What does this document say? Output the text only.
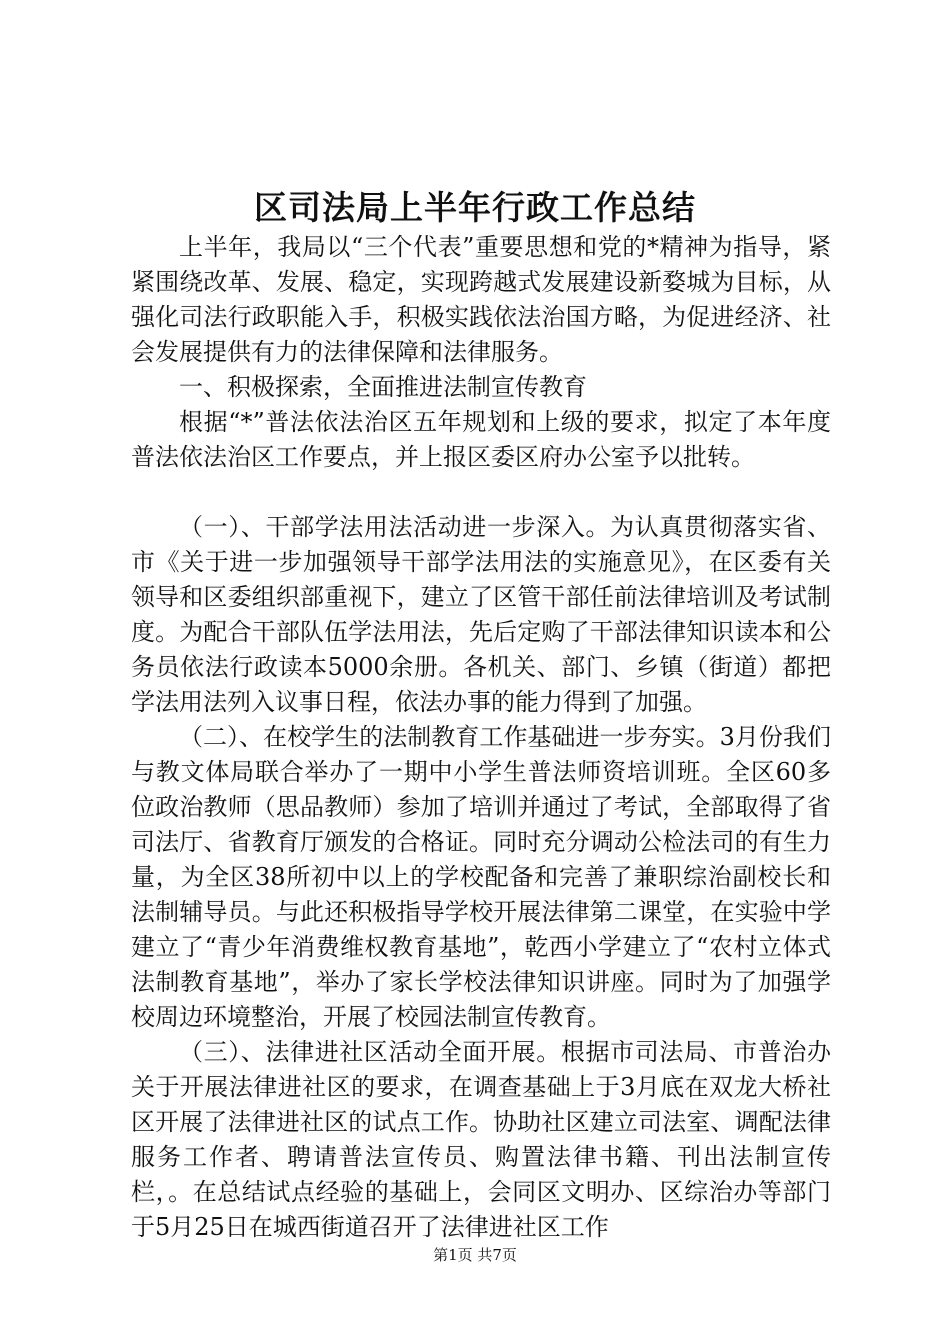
区司法局上半年行政工作总结

上半年，我局以“三个代表”重要思想和党的*精神为指导，紧紧围绕改革、发展、稳定，实现跨越式发展建设新婺城为目标，从强化司法行政职能入手，积极实践依法治国方略，为促进经济、社会发展提供有力的法律保障和法律服务。

一、积极探索，全面推进法制宣传教育

根据“*”普法依法治区五年规划和上级的要求，拟定了本年度普法依法治区工作要点，并上报区委区府办公室予以批转。

（一）、干部学法用法活动进一步深入。为认真贯彻落实省、市《关于进一步加强领导干部学法用法的实施意见》，在区委有关领导和区委组织部重视下，建立了区管干部任前法律培训及考试制度。为配合干部队伍学法用法，先后定购了干部法律知识读本和公务员依法行政读本5000余册。各机关、部门、乡镇（街道）都把学法用法列入议事日程，依法办事的能力得到了加强。

（二）、在校学生的法制教育工作基础进一步夯实。3月份我们与教文体局联合举办了一期中小学生普法师资培训班。全区60多位政治教师（思品教师）参加了培训并通过了考试，全部取得了省司法厅、省教育厅颁发的合格证。同时充分调动公检法司的有生力量，为全区38所初中以上的学校配备和完善了兼职综治副校长和法制辅导员。与此还积极指导学校开展法律第二课堂，在实验中学建立了“青少年消费维权教育基地”，乾西小学建立了“农村立体式法制教育基地”，举办了家长学校法律知识讲座。同时为了加强学校周边环境整治，开展了校园法制宣传教育。

（三）、法律进社区活动全面开展。根据市司法局、市普治办关于开展法律进社区的要求，在调查基础上于3月底在双龙大桥社区开展了法律进社区的试点工作。协助社区建立司法室、调配法律服务工作者、聘请普法宣传员、购置法律书籍、刊出法制宣传栏，。在总结试点经验的基础上，会同区文明办、区综治办等部门于5月25日在城西街道召开了法律进社区工作

第1页 共7页
